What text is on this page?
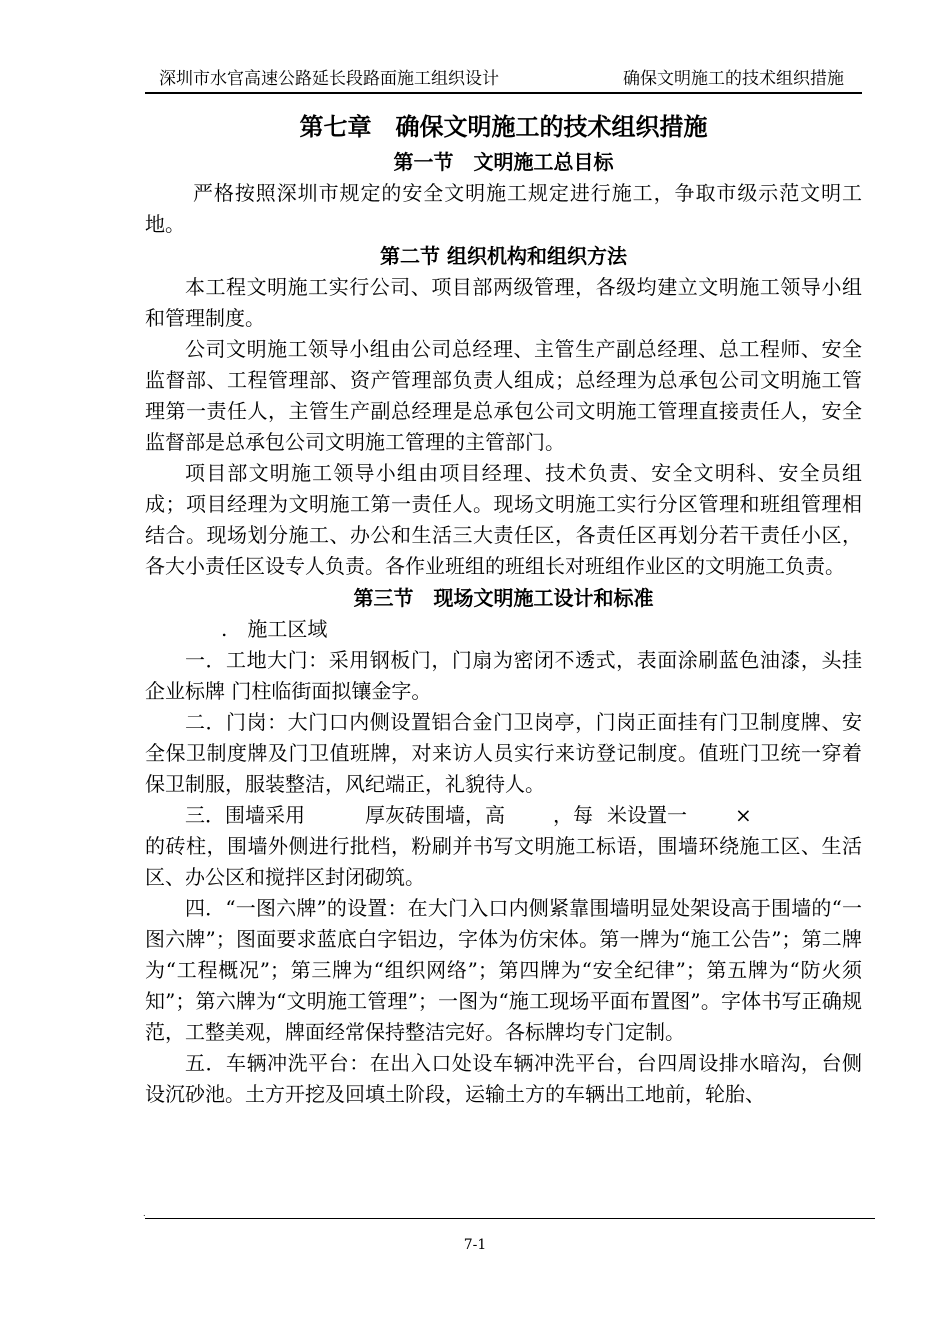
深圳市水官高速公路延长段路面施工组织设计	确保文明施工的技术组织措施
第七章　确保文明施工的技术组织措施
第一节　文明施工总目标

严格按照深圳市规定的安全文明施工规定进行施工，争取市级示范文明工地。

第二节 组织机构和组织方法

本工程文明施工实行公司、项目部两级管理，各级均建立文明施工领导小组和管理制度。

公司文明施工领导小组由公司总经理、主管生产副总经理、总工程师、安全监督部、工程管理部、资产管理部负责人组成；总经理为总承包公司文明施工管理第一责任人，主管生产副总经理是总承包公司文明施工管理直接责任人，安全监督部是总承包公司文明施工管理的主管部门。

项目部文明施工领导小组由项目经理、技术负责、安全文明科、安全员组成；项目经理为文明施工第一责任人。现场文明施工实行分区管理和班组管理相结合。现场划分施工、办公和生活三大责任区，各责任区再划分若干责任小区，各大小责任区设专人负责。各作业班组的班组长对班组作业区的文明施工负责。

第三节　现场文明施工设计和标准

.　施工区域

一．工地大门：采用钢板门，门扇为密闭不透式，表面涂刷蓝色油漆，头挂企业标牌 门柱临街面拟镶金字。

二．门岗：大门口内侧设置铝合金门卫岗亭，门岗正面挂有门卫制度牌、安全保卫制度牌及门卫值班牌，对来访人员实行来访登记制度。值班门卫统一穿着保卫制服，服装整洁，风纪端正，礼貌待人。

三．围墙采用	厚灰砖围墙，高 ，每 米设置一 ×
的砖柱，围墙外侧进行批档，粉刷并书写文明施工标语，围墙环绕施工区、生活区、办公区和搅拌区封闭砌筑。

四．“一图六牌”的设置：在大门入口内侧紧靠围墙明显处架设高于围墙的“一图六牌”；图面要求蓝底白字铝边，字体为仿宋体。第一牌为“施工公告”；第二牌为“工程概况”；第三牌为“组织网络”；第四牌为“安全纪律”；第五牌为“防火须知”；第六牌为“文明施工管理”；一图为“施工现场平面布置图”。字体书写正确规范，工整美观，牌面经常保持整洁完好。各标牌均专门定制。

五．车辆冲洗平台：在出入口处设车辆冲洗平台，台四周设排水暗沟，台侧设沉砂池。土方开挖及回填土阶段，运输土方的车辆出工地前，轮胎、

.
7-1
